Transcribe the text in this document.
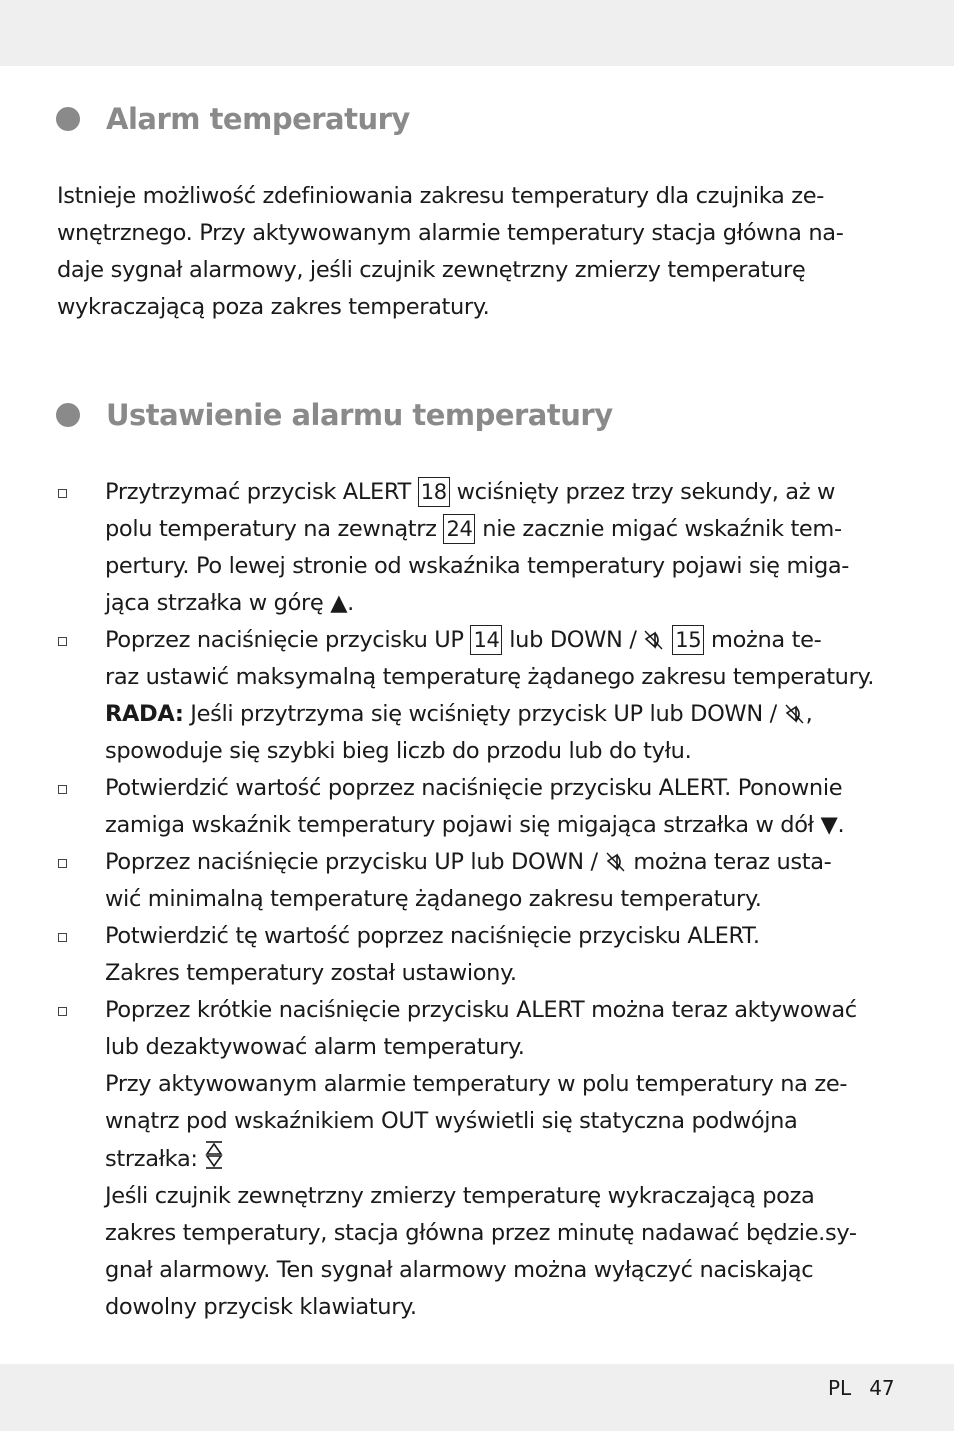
Alarm temperatury

Istnieje możliwość zdefiniowania zakresu temperatury dla czujnika ze-
wnętrznego. Przy aktywowanym alarmie temperatury stacja główna na-
daje sygnał alarmowy, jeśli czujnik zewnętrzny zmierzy temperaturę
wykraczającą poza zakres temperatury.

Ustawienie alarmu temperatury
Przytrzymać przycisk ALERT 18 wciśnięty przez trzy sekundy, aż w
polu temperatury na zewnątrz 24 nie zacznie migać wskaźnik tem-
pertury. Po lewej stronie od wskaźnika temperatury pojawi się miga-
jąca strzałka w górę ▲.
Poprzez naciśnięcie przycisku UP 14 lub DOWN /  15 można te-
raz ustawić maksymalną temperaturę żądanego zakresu temperatury.
RADA: Jeśli przytrzyma się wciśnięty przycisk UP lub DOWN / ,
spowoduje się szybki bieg liczb do przodu lub do tyłu.
Potwierdzić wartość poprzez naciśnięcie przycisku ALERT. Ponownie
zamiga wskaźnik temperatury pojawi się migająca strzałka w dół ▼.
Poprzez naciśnięcie przycisku UP lub DOWN /  można teraz usta-
wić minimalną temperaturę żądanego zakresu temperatury.
Potwierdzić tę wartość poprzez naciśnięcie przycisku ALERT.
Zakres temperatury został ustawiony.
Poprzez krótkie naciśnięcie przycisku ALERT można teraz aktywować
lub dezaktywować alarm temperatury.
Przy aktywowanym alarmie temperatury w polu temperatury na ze-
wnątrz pod wskaźnikiem OUT wyświetli się statyczna podwójna
strzałka:
Jeśli czujnik zewnętrzny zmierzy temperaturę wykraczającą poza
zakres temperatury, stacja główna przez minutę nadawać będzie.sy-
gnał alarmowy. Ten sygnał alarmowy można wyłączyć naciskając
dowolny przycisk klawiatury.
PL 47
